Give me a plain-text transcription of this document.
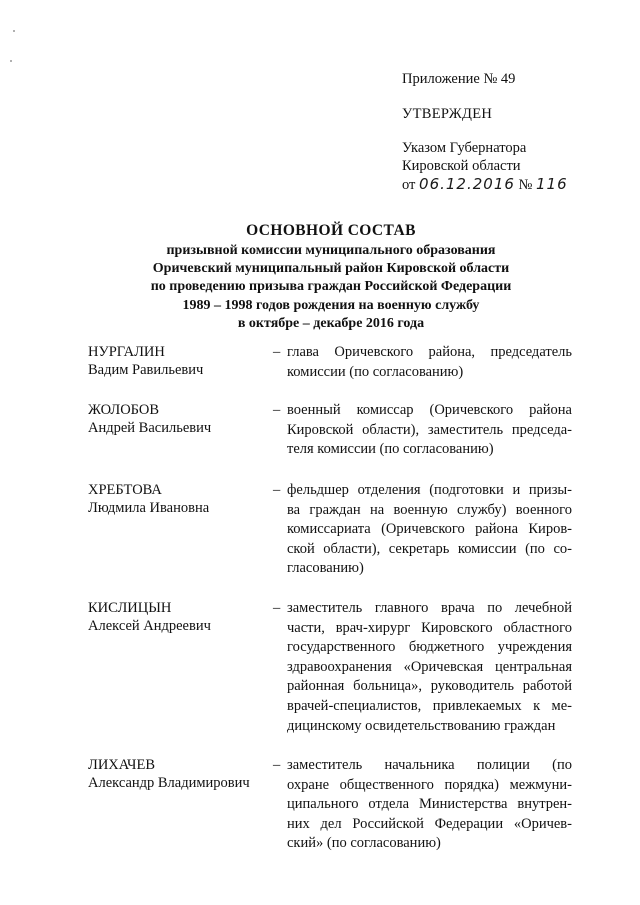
Приложение № 49
УТВЕРЖДЕН
Указом Губернатора
Кировской области
от 06.12.2016 № 116
ОСНОВНОЙ СОСТАВ
призывной комиссии муниципального образования
Оричевский муниципальный район Кировской области
по проведению призыва граждан Российской Федерации
1989 – 1998 годов рождения на военную службу
в октябре – декабре 2016 года
НУРГАЛИН
Вадим Равильевич
– глава Оричевского района, председатель
комиссии (по согласованию)
ЖОЛОБОВ
Андрей Васильевич
– военный комиссар (Оричевского района
Кировской области), заместитель председа-
теля комиссии (по согласованию)
ХРЕБТОВА
Людмила Ивановна
– фельдшер отделения (подготовки и призы-
ва граждан на военную службу) военного
комиссариата (Оричевского района Киров-
ской области), секретарь комиссии (по со-
гласованию)
КИСЛИЦЫН
Алексей Андреевич
– заместитель главного врача по лечебной
части, врач-хирург Кировского областного
государственного бюджетного учреждения
здравоохранения «Оричевская центральная
районная больница», руководитель работой
врачей-специалистов, привлекаемых к ме-
дицинскому освидетельствованию граждан
ЛИХАЧЕВ
Александр Владимирович
– заместитель начальника полиции (по
охране общественного порядка) межмуни-
ципального отдела Министерства внутрен-
них дел Российской Федерации «Оричев-
ский» (по согласованию)
